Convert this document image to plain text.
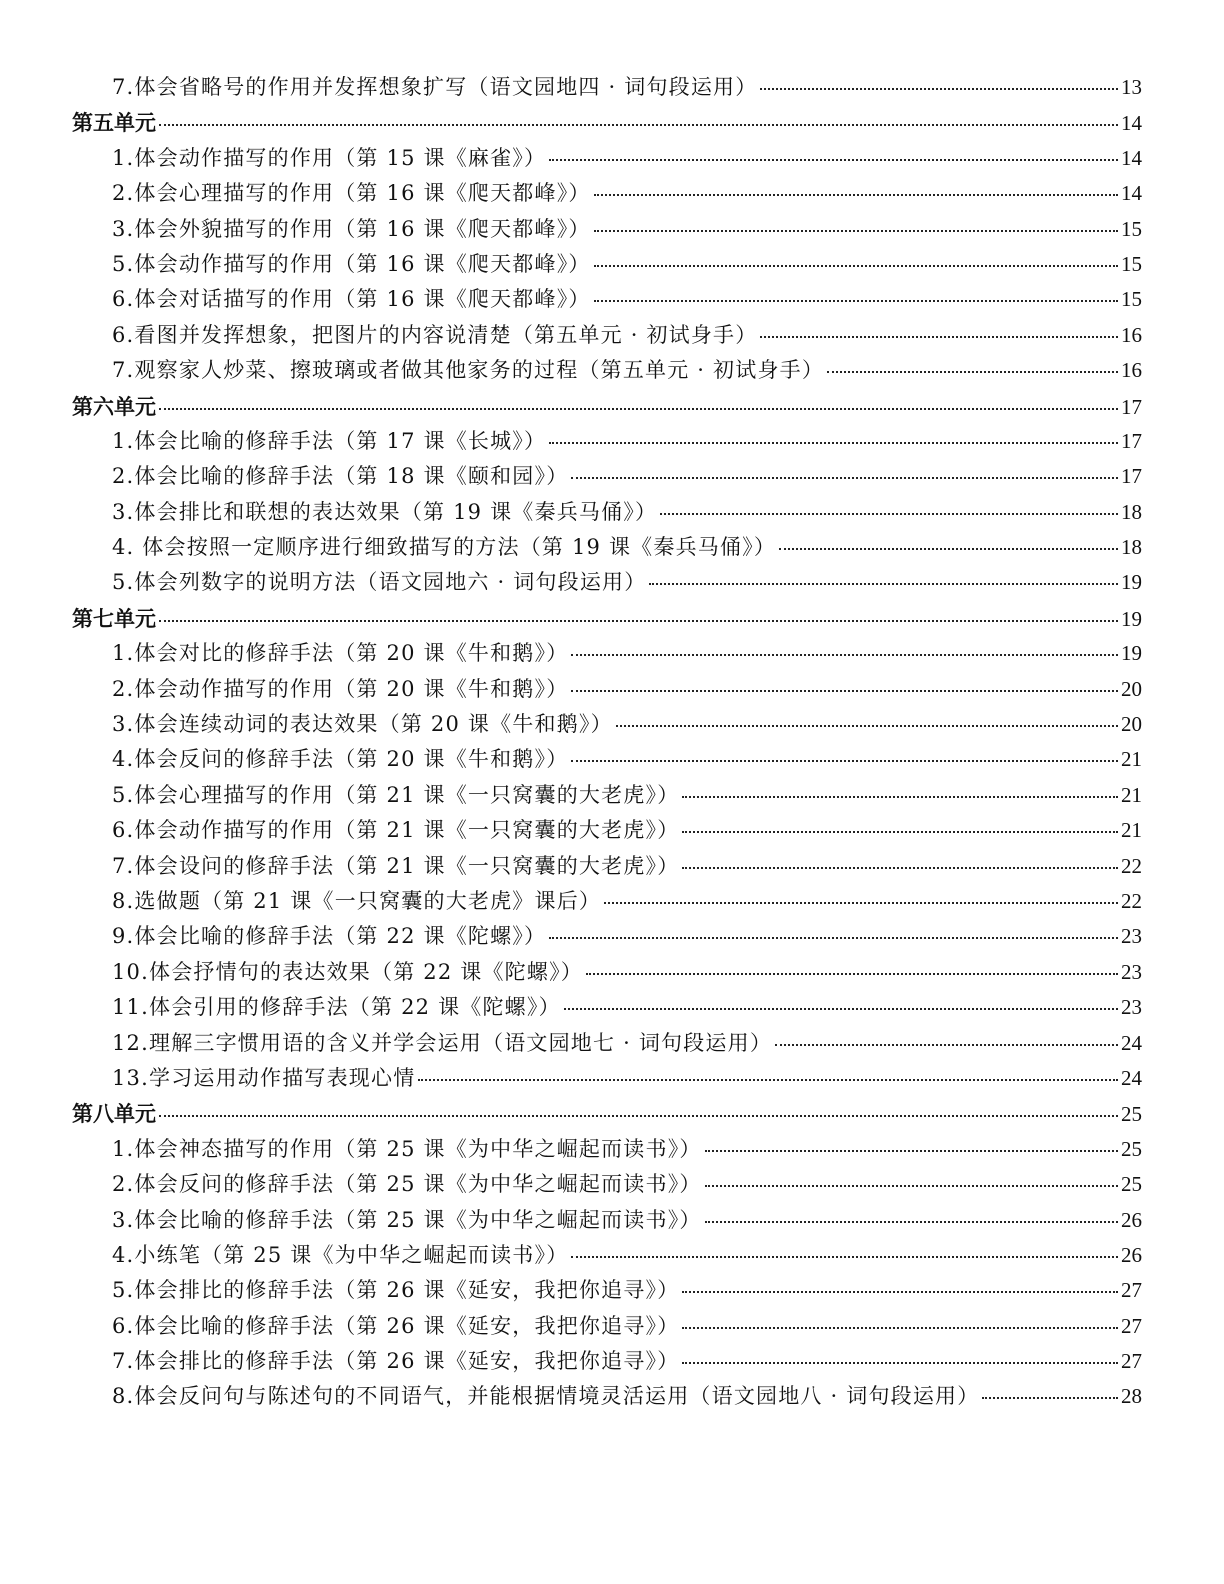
7.体会省略号的作用并发挥想象扩写（语文园地四 · 词句段运用）	13
第五单元	14
1.体会动作描写的作用（第 15 课《麻雀》）	14
2.体会心理描写的作用（第 16 课《爬天都峰》）	14
3.体会外貌描写的作用（第 16 课《爬天都峰》）	15
5.体会动作描写的作用（第 16 课《爬天都峰》）	15
6.体会对话描写的作用（第 16 课《爬天都峰》）	15
6.看图并发挥想象，把图片的内容说清楚（第五单元 · 初试身手）	16
7.观察家人炒菜、擦玻璃或者做其他家务的过程（第五单元 · 初试身手）	16
第六单元	17
1.体会比喻的修辞手法（第 17 课《长城》）	17
2.体会比喻的修辞手法（第 18 课《颐和园》）	17
3.体会排比和联想的表达效果（第 19 课《秦兵马俑》）	18
4. 体会按照一定顺序进行细致描写的方法（第 19 课《秦兵马俑》）	18
5.体会列数字的说明方法（语文园地六 · 词句段运用）	19
第七单元	19
1.体会对比的修辞手法（第 20 课《牛和鹅》）	19
2.体会动作描写的作用（第 20 课《牛和鹅》）	20
3.体会连续动词的表达效果（第 20 课《牛和鹅》）	20
4.体会反问的修辞手法（第 20 课《牛和鹅》）	21
5.体会心理描写的作用（第 21 课《一只窝囊的大老虎》）	21
6.体会动作描写的作用（第 21 课《一只窝囊的大老虎》）	21
7.体会设问的修辞手法（第 21 课《一只窝囊的大老虎》）	22
8.选做题（第 21 课《一只窝囊的大老虎》课后）	22
9.体会比喻的修辞手法（第 22 课《陀螺》）	23
10.体会抒情句的表达效果（第 22 课《陀螺》）	23
11.体会引用的修辞手法（第 22 课《陀螺》）	23
12.理解三字惯用语的含义并学会运用（语文园地七 · 词句段运用）	24
13.学习运用动作描写表现心情	24
第八单元	25
1.体会神态描写的作用（第 25 课《为中华之崛起而读书》）	25
2.体会反问的修辞手法（第 25 课《为中华之崛起而读书》）	25
3.体会比喻的修辞手法（第 25 课《为中华之崛起而读书》）	26
4.小练笔（第 25 课《为中华之崛起而读书》）	26
5.体会排比的修辞手法（第 26 课《延安，我把你追寻》）	27
6.体会比喻的修辞手法（第 26 课《延安，我把你追寻》）	27
7.体会排比的修辞手法（第 26 课《延安，我把你追寻》）	27
8.体会反问句与陈述句的不同语气，并能根据情境灵活运用（语文园地八 · 词句段运用）	28
